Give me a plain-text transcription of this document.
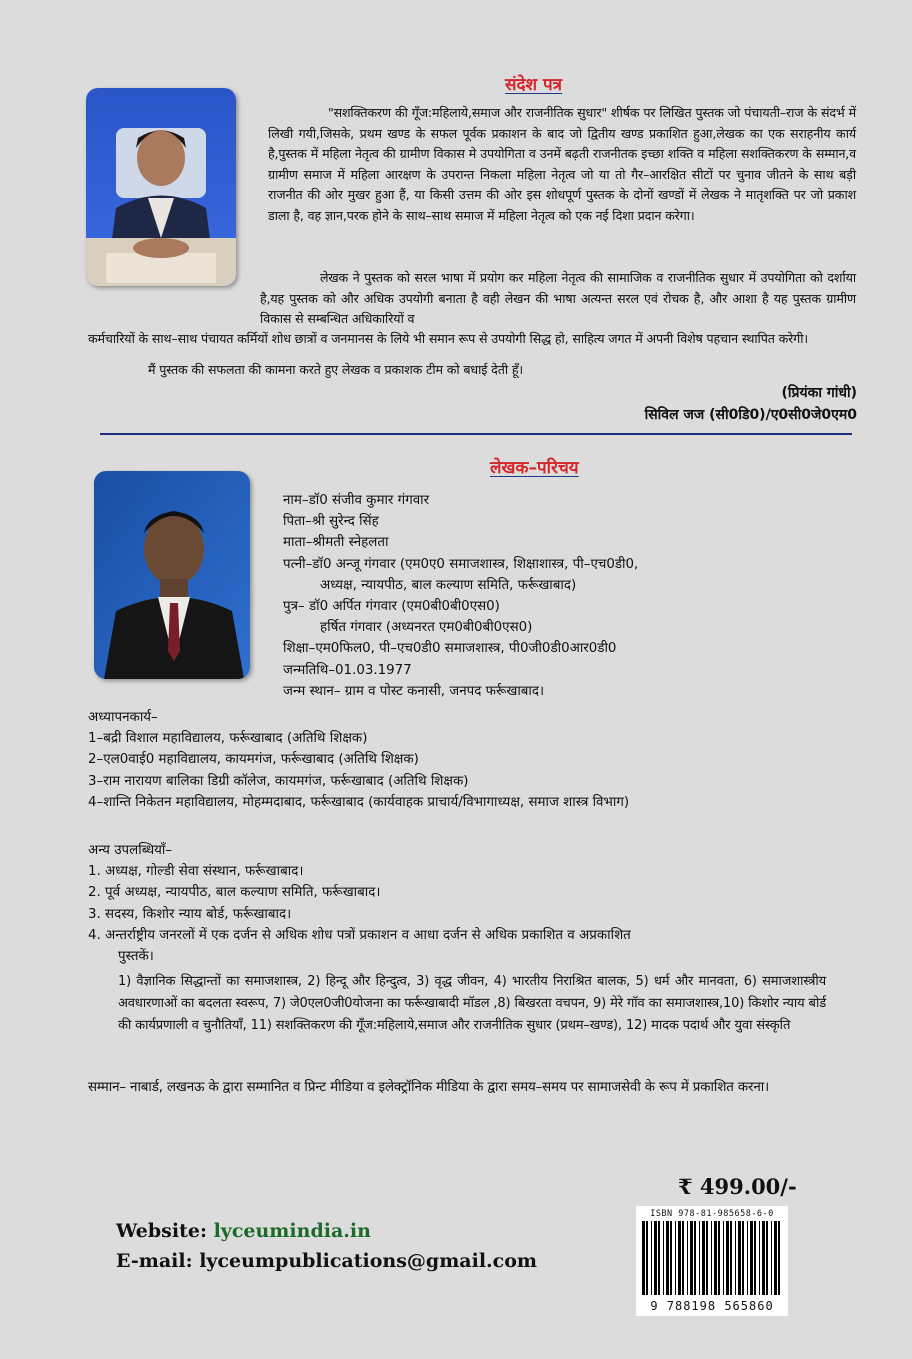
संदेश पत्र
"सशक्तिकरण की गूँज:महिलाये,समाज और राजनीतिक सुधार" शीर्षक पर लिखित पुस्तक जो पंचायती–राज के संदर्भ में लिखी गयी,जिसके, प्रथम खण्ड के सफल पूर्वक प्रकाशन के बाद जो द्वितीय खण्ड प्रकाशित हुआ,लेखक का एक सराहनीय कार्य है,पुस्तक में महिला नेतृत्व की ग्रामीण विकास मे उपयोगिता व उनमें बढ़ती राजनीतक इच्छा शक्ति व महिला सशक्तिकरण के सम्मान,व ग्रामीण समाज में महिला आरक्षण के उपरान्त निकला महिला नेतृत्व जो या तो गैर–आरक्षित सीटों पर चुनाव जीतने के साथ बड़ी राजनीत की ओर मुखर हुआ हैं, या किसी उत्तम की ओर इस शोधपूर्ण पुस्तक के दोनों खण्डों में लेखक ने मातृशक्ति पर जो प्रकाश डाला है, वह ज्ञान,परक होने के साथ–साथ समाज में महिला नेतृत्व को एक नई दिशा प्रदान करेगा।
लेखक ने पुस्तक को सरल भाषा में प्रयोग कर महिला नेतृत्व की सामाजिक व राजनीतिक सुधार में उपयोगिता को दर्शाया है,यह पुस्तक को और अधिक उपयोगी बनाता है वही लेखन की भाषा अत्यन्त सरल एवं रोचक है, और आशा है यह पुस्तक ग्रामीण विकास से सम्बन्धित अधिकारियों व
कर्मचारियों के साथ–साथ पंचायत कर्मियों शोध छात्रों व जनमानस के लिये भी समान रूप से उपयोगी सिद्ध हो, साहित्य जगत में अपनी विशेष पहचान स्थापित करेगी।
मैं पुस्तक की सफलता की कामना करते हुए लेखक व प्रकाशक टीम को बधाई देती हूँ।
(प्रियंका गांधी)
सिविल जज (सी0डि0)/ए0सी0जे0एम0
लेखक–परिचय
नाम–डॉ0 संजीव कुमार गंगवार
पिता–श्री सुरेन्द सिंह
माता–श्रीमती स्नेहलता
पत्नी–डॉ0 अन्जू गंगवार (एम0ए0 समाजशास्त्र, शिक्षाशास्त्र, पी–एच0डी0,
अध्यक्ष, न्यायपीठ, बाल कल्याण समिति, फर्रूखाबाद)
पुत्र– डॉ0 अर्पित गंगवार (एम0बी0बी0एस0)
हर्षित गंगवार (अध्यनरत एम0बी0बी0एस0)
शिक्षा–एम0फिल0, पी–एच0डी0 समाजशास्त्र, पी0जी0डी0आर0डी0
जन्मतिथि–01.03.1977
जन्म स्थान– ग्राम व पोस्ट कनासी, जनपद फर्रूखाबाद।
अध्यापनकार्य–
1–बद्री विशाल महाविद्यालय, फर्रूखाबाद (अतिथि शिक्षक)
2–एल0वाई0 महाविद्यालय, कायमगंज, फर्रूखाबाद (अतिथि शिक्षक)
3–राम नारायण बालिका डिग्री कॉलेज, कायमगंज, फर्रूखाबाद (अतिथि शिक्षक)
4–शान्ति निकेतन महाविद्यालय, मोहम्मदाबाद, फर्रूखाबाद (कार्यवाहक प्राचार्य/विभागाध्यक्ष, समाज शास्त्र विभाग)
अन्य उपलब्धियॉं–
1. अध्यक्ष, गोल्डी सेवा संस्थान, फर्रूखाबाद।
2. पूर्व अध्यक्ष, न्यायपीठ, बाल कल्याण समिति, फर्रूखाबाद।
3. सदस्य, किशोर न्याय बोर्ड, फर्रूखाबाद।
4. अन्तर्राष्ट्रीय जनरलों में एक दर्जन से अधिक शोध पत्रों प्रकाशन व आधा दर्जन से अधिक प्रकाशित व अप्रकाशित
पुस्तकें।
1) वैज्ञानिक सिद्धान्तों का समाजशास्त्र, 2) हिन्दू और हिन्दुत्व, 3) वृद्ध जीवन, 4) भारतीय निराश्रित बालक, 5) धर्म और मानवता, 6) समाजशास्त्रीय अवधारणाओं का बदलता स्वरूप, 7) जे0एल0जी0योजना का फर्रूखाबादी मॉडल ,8) बिखरता वचपन, 9) मेरे गॉव का समाजशास्त्र,10) किशोर न्याय बोर्ड की कार्यप्रणाली व चुनौतियॉं, 11) सशक्तिकरण की गूँज:महिलाये,समाज और राजनीतिक सुधार (प्रथम–खण्ड), 12) मादक पदार्थ और युवा संस्कृति
सम्मान– नाबार्ड, लखनऊ के द्वारा सम्मानित व प्रिन्ट मीडिया व इलेक्ट्रॉनिक मीडिया के द्वारा समय–समय पर सामाजसेवी के रूप में प्रकाशित करना।
₹ 499.00/-
ISBN 978-81-985658-6-0
9 788198 565860
Website: lyceumindia.in
E-mail: lyceumpublications@gmail.com
